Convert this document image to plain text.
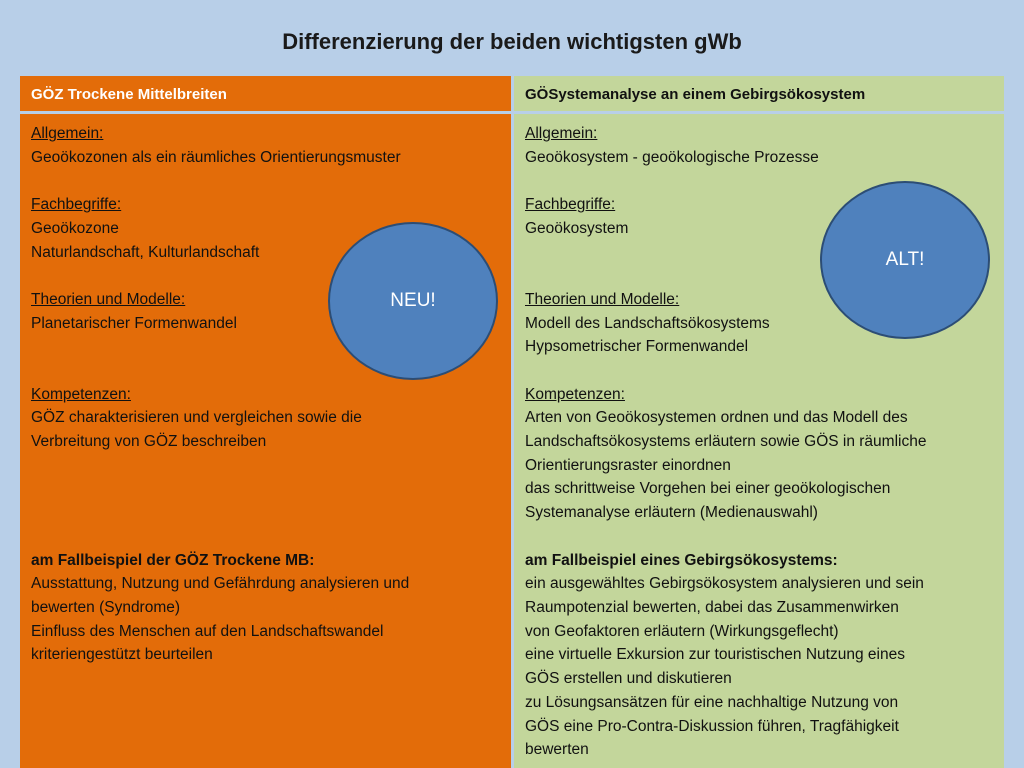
Differenzierung der beiden wichtigsten gWb
GÖZ Trockene Mittelbreiten	GÖSystemanalyse an einem Gebirgsökosystem
Allgemein:
Geoökozonen als ein räumliches Orientierungsmuster
Fachbegriffe:
Geoökozone
Naturlandschaft, Kulturlandschaft
Theorien und Modelle:
Planetarischer Formenwandel
Kompetenzen:
GÖZ charakterisieren und vergleichen sowie die
Verbreitung von GÖZ beschreiben
am Fallbeispiel der GÖZ Trockene MB:
Ausstattung, Nutzung und Gefährdung analysieren und
bewerten (Syndrome)
Einfluss des Menschen auf den Landschaftswandel
kriteriengestützt beurteilen
Allgemein:
Geoökosystem - geoökologische Prozesse
Fachbegriffe:
Geoökosystem
Theorien und Modelle:
Modell des Landschaftsökosystems
Hypsometrischer Formenwandel
Kompetenzen:
Arten von Geoökosystemen ordnen und das Modell des
Landschaftsökosystems erläutern sowie GÖS in räumliche
Orientierungsraster einordnen
das schrittweise Vorgehen bei einer geoökologischen
Systemanalyse erläutern (Medienauswahl)
am Fallbeispiel eines Gebirgsökosystems:
ein ausgewähltes Gebirgsökosystem analysieren und sein
Raumpotenzial bewerten, dabei das Zusammenwirken
von Geofaktoren erläutern (Wirkungsgeflecht)
eine virtuelle Exkursion zur touristischen Nutzung eines
GÖS erstellen und diskutieren
zu Lösungsansätzen für eine nachhaltige Nutzung von
GÖS eine Pro-Contra-Diskussion führen, Tragfähigkeit
bewerten
NEU!
ALT!
